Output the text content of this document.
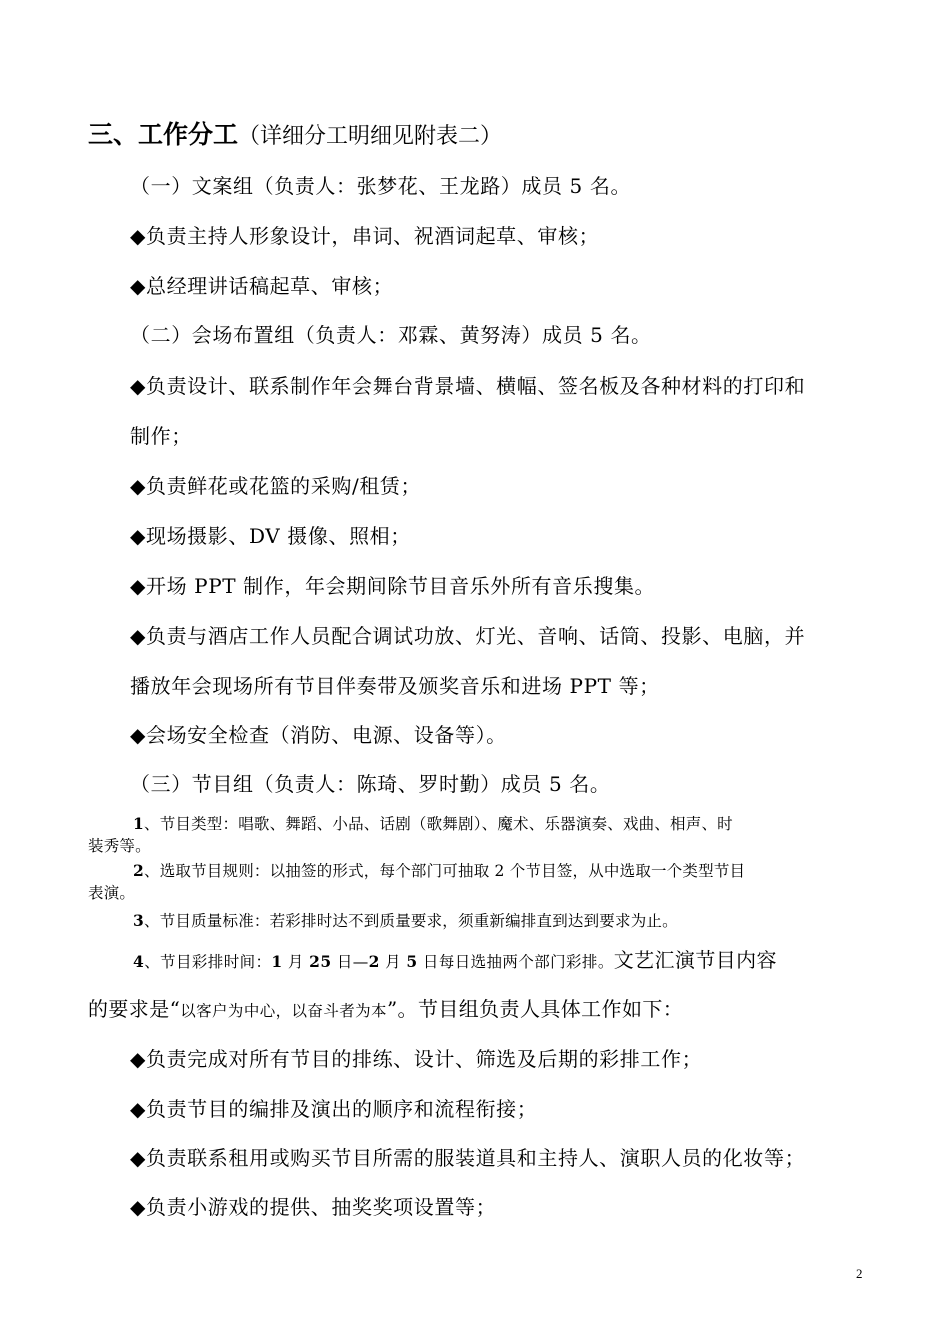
三、工作分工（详细分工明细见附表二）
（一）文案组（负责人：张梦花、王龙路）成员 5 名。
◆负责主持人形象设计，串词、祝酒词起草、审核；
◆总经理讲话稿起草、审核；
（二）会场布置组（负责人：邓霖、黄努涛）成员 5 名。
◆负责设计、联系制作年会舞台背景墙、横幅、签名板及各种材料的打印和
制作；
◆负责鲜花或花篮的采购/租赁；
◆现场摄影、DV 摄像、照相；
◆开场 PPT 制作，年会期间除节目音乐外所有音乐搜集。
◆负责与酒店工作人员配合调试功放、灯光、音响、话筒、投影、电脑，并
播放年会现场所有节目伴奏带及颁奖音乐和进场 PPT 等；
◆会场安全检查（消防、电源、设备等）。
（三）节目组（负责人：陈琦、罗时勤）成员 5 名。
1、节目类型：唱歌、舞蹈、小品、话剧（歌舞剧）、魔术、乐器演奏、戏曲、相声、时
装秀等。
2、选取节目规则：以抽签的形式，每个部门可抽取 2 个节目签，从中选取一个类型节目
表演。
3、节目质量标准：若彩排时达不到质量要求，须重新编排直到达到要求为止。
4、节目彩排时间：1 月 25 日—2 月 5 日每日选抽两个部门彩排。文艺汇演节目内容
的要求是“以客户为中心，以奋斗者为本”。节目组负责人具体工作如下：
◆负责完成对所有节目的排练、设计、筛选及后期的彩排工作；
◆负责节目的编排及演出的顺序和流程衔接；
◆负责联系租用或购买节目所需的服装道具和主持人、演职人员的化妆等；
◆负责小游戏的提供、抽奖奖项设置等；
2
